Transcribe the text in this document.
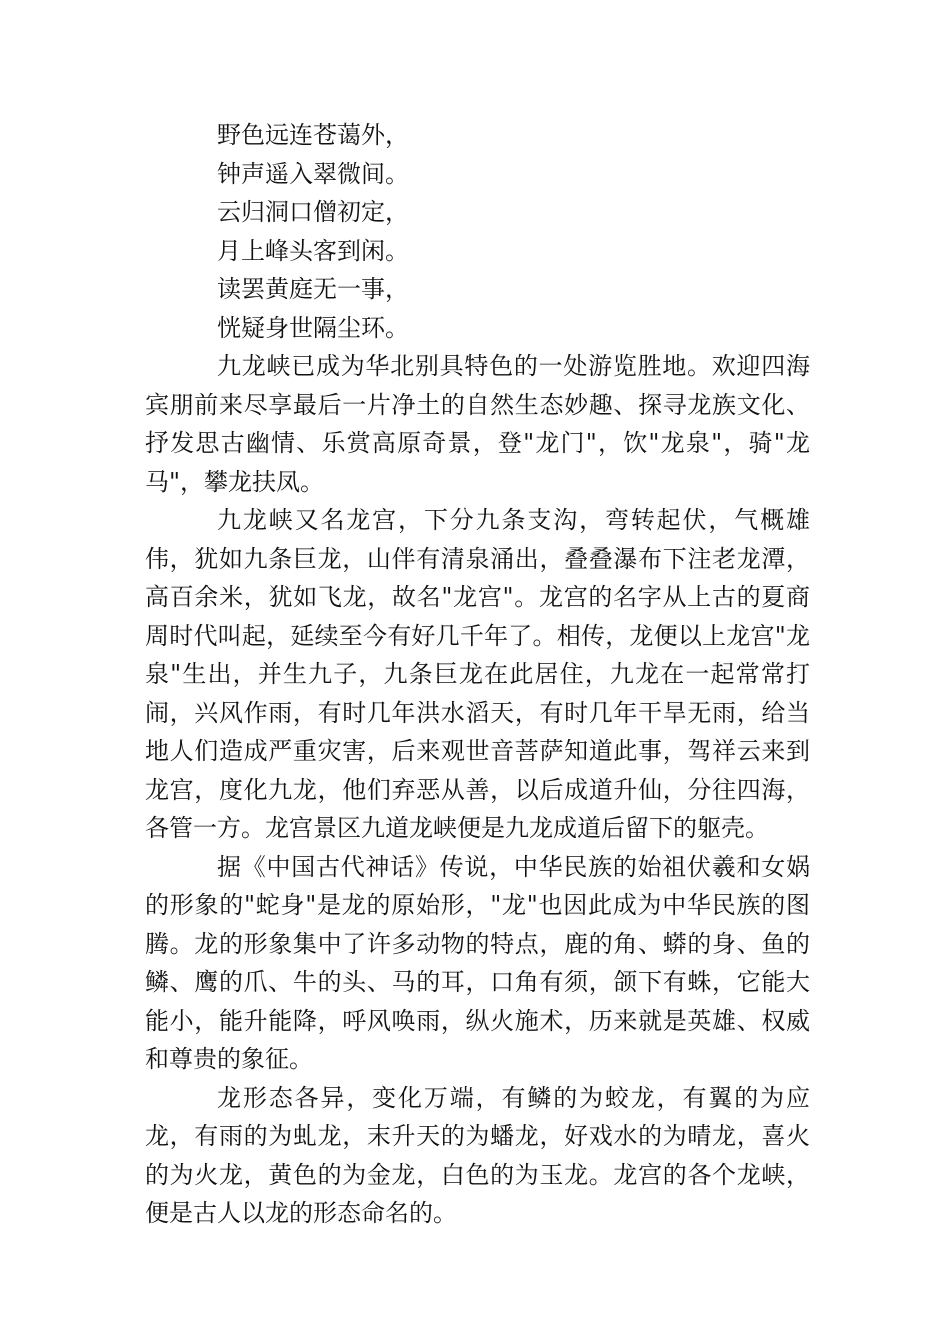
野色远连苍蔼外，
钟声遥入翠微间。
云归洞口僧初定，
月上峰头客到闲。
读罢黄庭无一事，
恍疑身世隔尘环。

九龙峡已成为华北别具特色的一处游览胜地。欢迎四海宾朋前来尽享最后一片净土的自然生态妙趣、探寻龙族文化、抒发思古幽情、乐赏高原奇景，登"龙门"，饮"龙泉"，骑"龙马"，攀龙扶凤。

九龙峡又名龙宫，下分九条支沟，弯转起伏，气概雄伟，犹如九条巨龙，山伴有清泉涌出，叠叠瀑布下注老龙潭，高百余米，犹如飞龙，故名"龙宫"。龙宫的名字从上古的夏商周时代叫起，延续至今有好几千年了。相传，龙便以上龙宫"龙泉"生出，并生九子，九条巨龙在此居住，九龙在一起常常打闹，兴风作雨，有时几年洪水滔天，有时几年干旱无雨，给当地人们造成严重灾害，后来观世音菩萨知道此事，驾祥云来到龙宫，度化九龙，他们弃恶从善，以后成道升仙，分往四海，各管一方。龙宫景区九道龙峡便是九龙成道后留下的躯壳。

据《中国古代神话》传说，中华民族的始祖伏羲和女娲的形象的"蛇身"是龙的原始形，"龙"也因此成为中华民族的图腾。龙的形象集中了许多动物的特点，鹿的角、蟒的身、鱼的鳞、鹰的爪、牛的头、马的耳，口角有须，颌下有蛛，它能大能小，能升能降，呼风唤雨，纵火施术，历来就是英雄、权威和尊贵的象征。

龙形态各异，变化万端，有鳞的为蛟龙，有翼的为应龙，有雨的为虬龙，末升天的为蟠龙，好戏水的为晴龙，喜火的为火龙，黄色的为金龙，白色的为玉龙。龙宫的各个龙峡，便是古人以龙的形态命名的。
